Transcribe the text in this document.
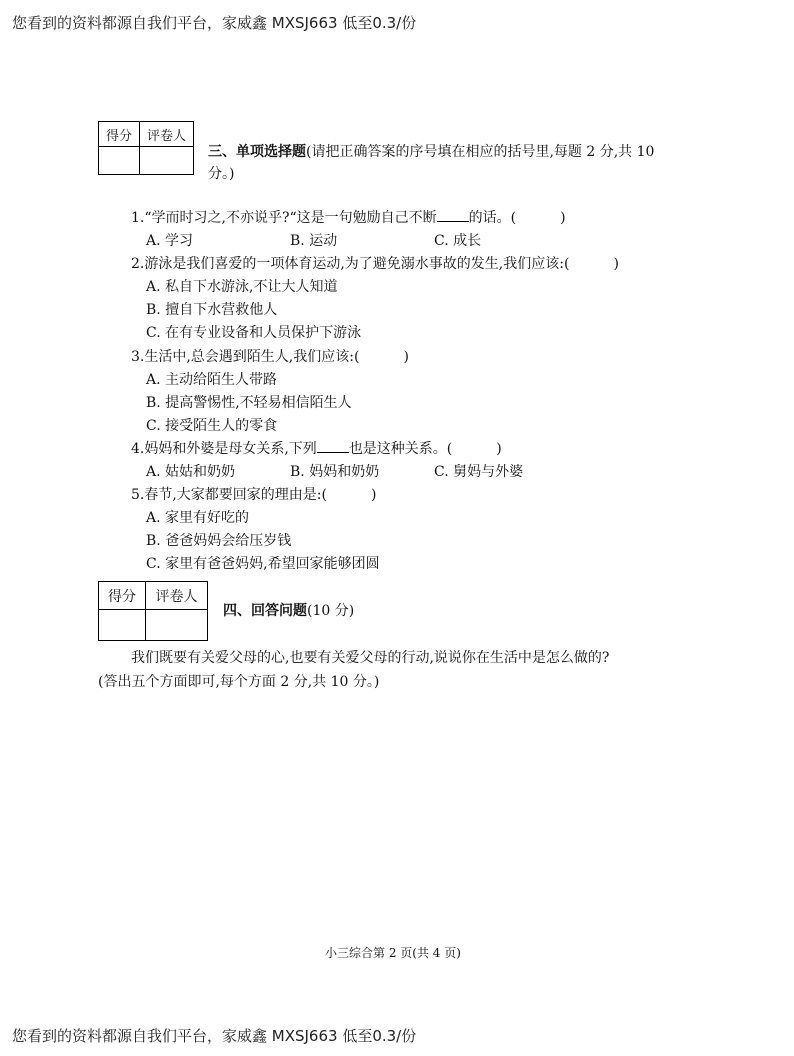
您看到的资料都源自我们平台，家威鑫 MXSJ663 低至0.3/份
得分	评卷人

三、单项选择题(请把正确答案的序号填在相应的括号里,每题 2 分,共 10
分。)
1.“学而时习之,不亦说乎?“这是一句勉励自己不断 的话。(	)
A. 学习	B. 运动	C. 成长
2.游泳是我们喜爱的一项体育运动,为了避免溺水事故的发生,我们应该:(	)
A. 私自下水游泳,不让大人知道
B. 擅自下水营救他人
C. 在有专业设备和人员保护下游泳
3.生活中,总会遇到陌生人,我们应该:(	)
A. 主动给陌生人带路
B. 提高警惕性,不轻易相信陌生人
C. 接受陌生人的零食
4.妈妈和外婆是母女关系,下列 也是这种关系。(	)
A. 姑姑和奶奶	B. 妈妈和奶奶	C. 舅妈与外婆
5.春节,大家都要回家的理由是:(	)
A. 家里有好吃的
B. 爸爸妈妈会给压岁钱
C. 家里有爸爸妈妈,希望回家能够团圆
得分	评卷人

四、回答问题(10 分)
我们既要有关爱父母的心,也要有关爱父母的行动,说说你在生活中是怎么做的?
(答出五个方面即可,每个方面 2 分,共 10 分。)
小三综合第 2 页(共 4 页)
您看到的资料都源自我们平台，家威鑫 MXSJ663 低至0.3/份
